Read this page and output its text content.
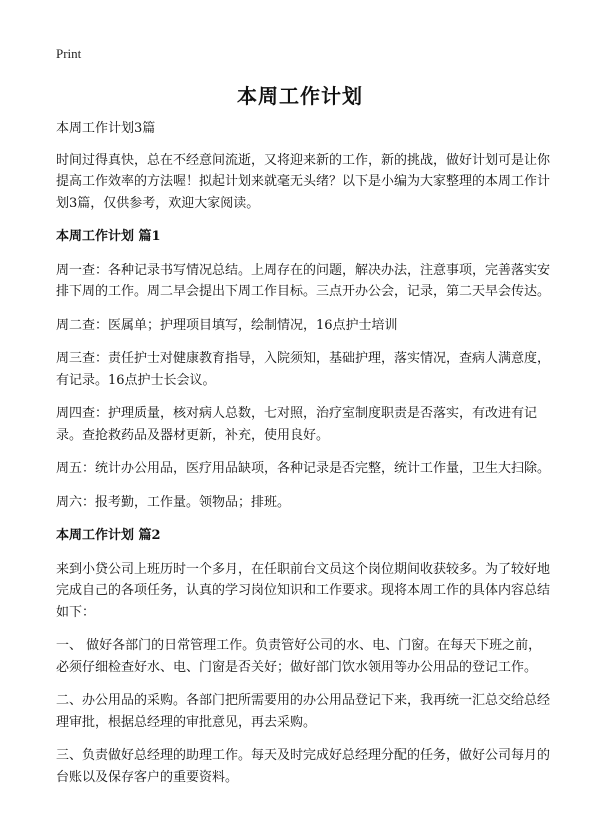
Print
本周工作计划

本周工作计划3篇

时间过得真快，总在不经意间流逝，又将迎来新的工作，新的挑战，做好计划可是让你提高工作效率的方法喔！拟起计划来就毫无头绪？以下是小编为大家整理的本周工作计划3篇，仅供参考，欢迎大家阅读。

本周工作计划 篇1

周一查：各种记录书写情况总结。上周存在的问题，解决办法，注意事项，完善落实安排下周的工作。周二早会提出下周工作目标。三点开办公会，记录，第二天早会传达。

周二查：医属单；护理项目填写，绘制情况，16点护士培训

周三查：责任护士对健康教育指导，入院须知，基础护理，落实情况，查病人满意度，有记录。16点护士长会议。

周四查：护理质量，核对病人总数，七对照，治疗室制度职责是否落实，有改进有记录。查抢救药品及器材更新，补充，使用良好。

周五：统计办公用品，医疗用品缺项，各种记录是否完整，统计工作量，卫生大扫除。

周六：报考勤，工作量。领物品；排班。

本周工作计划 篇2

来到小贷公司上班历时一个多月，在任职前台文员这个岗位期间收获较多。为了较好地完成自己的各项任务，认真的学习岗位知识和工作要求。现将本周工作的具体内容总结如下：

一、 做好各部门的日常管理工作。负责管好公司的水、电、门窗。在每天下班之前，必须仔细检查好水、电、门窗是否关好；做好部门饮水领用等办公用品的登记工作。

二、办公用品的采购。各部门把所需要用的办公用品登记下来，我再统一汇总交给总经理审批，根据总经理的审批意见，再去采购。

三、负责做好总经理的助理工作。每天及时完成好总经理分配的任务，做好公司每月的台账以及保存客户的重要资料。
